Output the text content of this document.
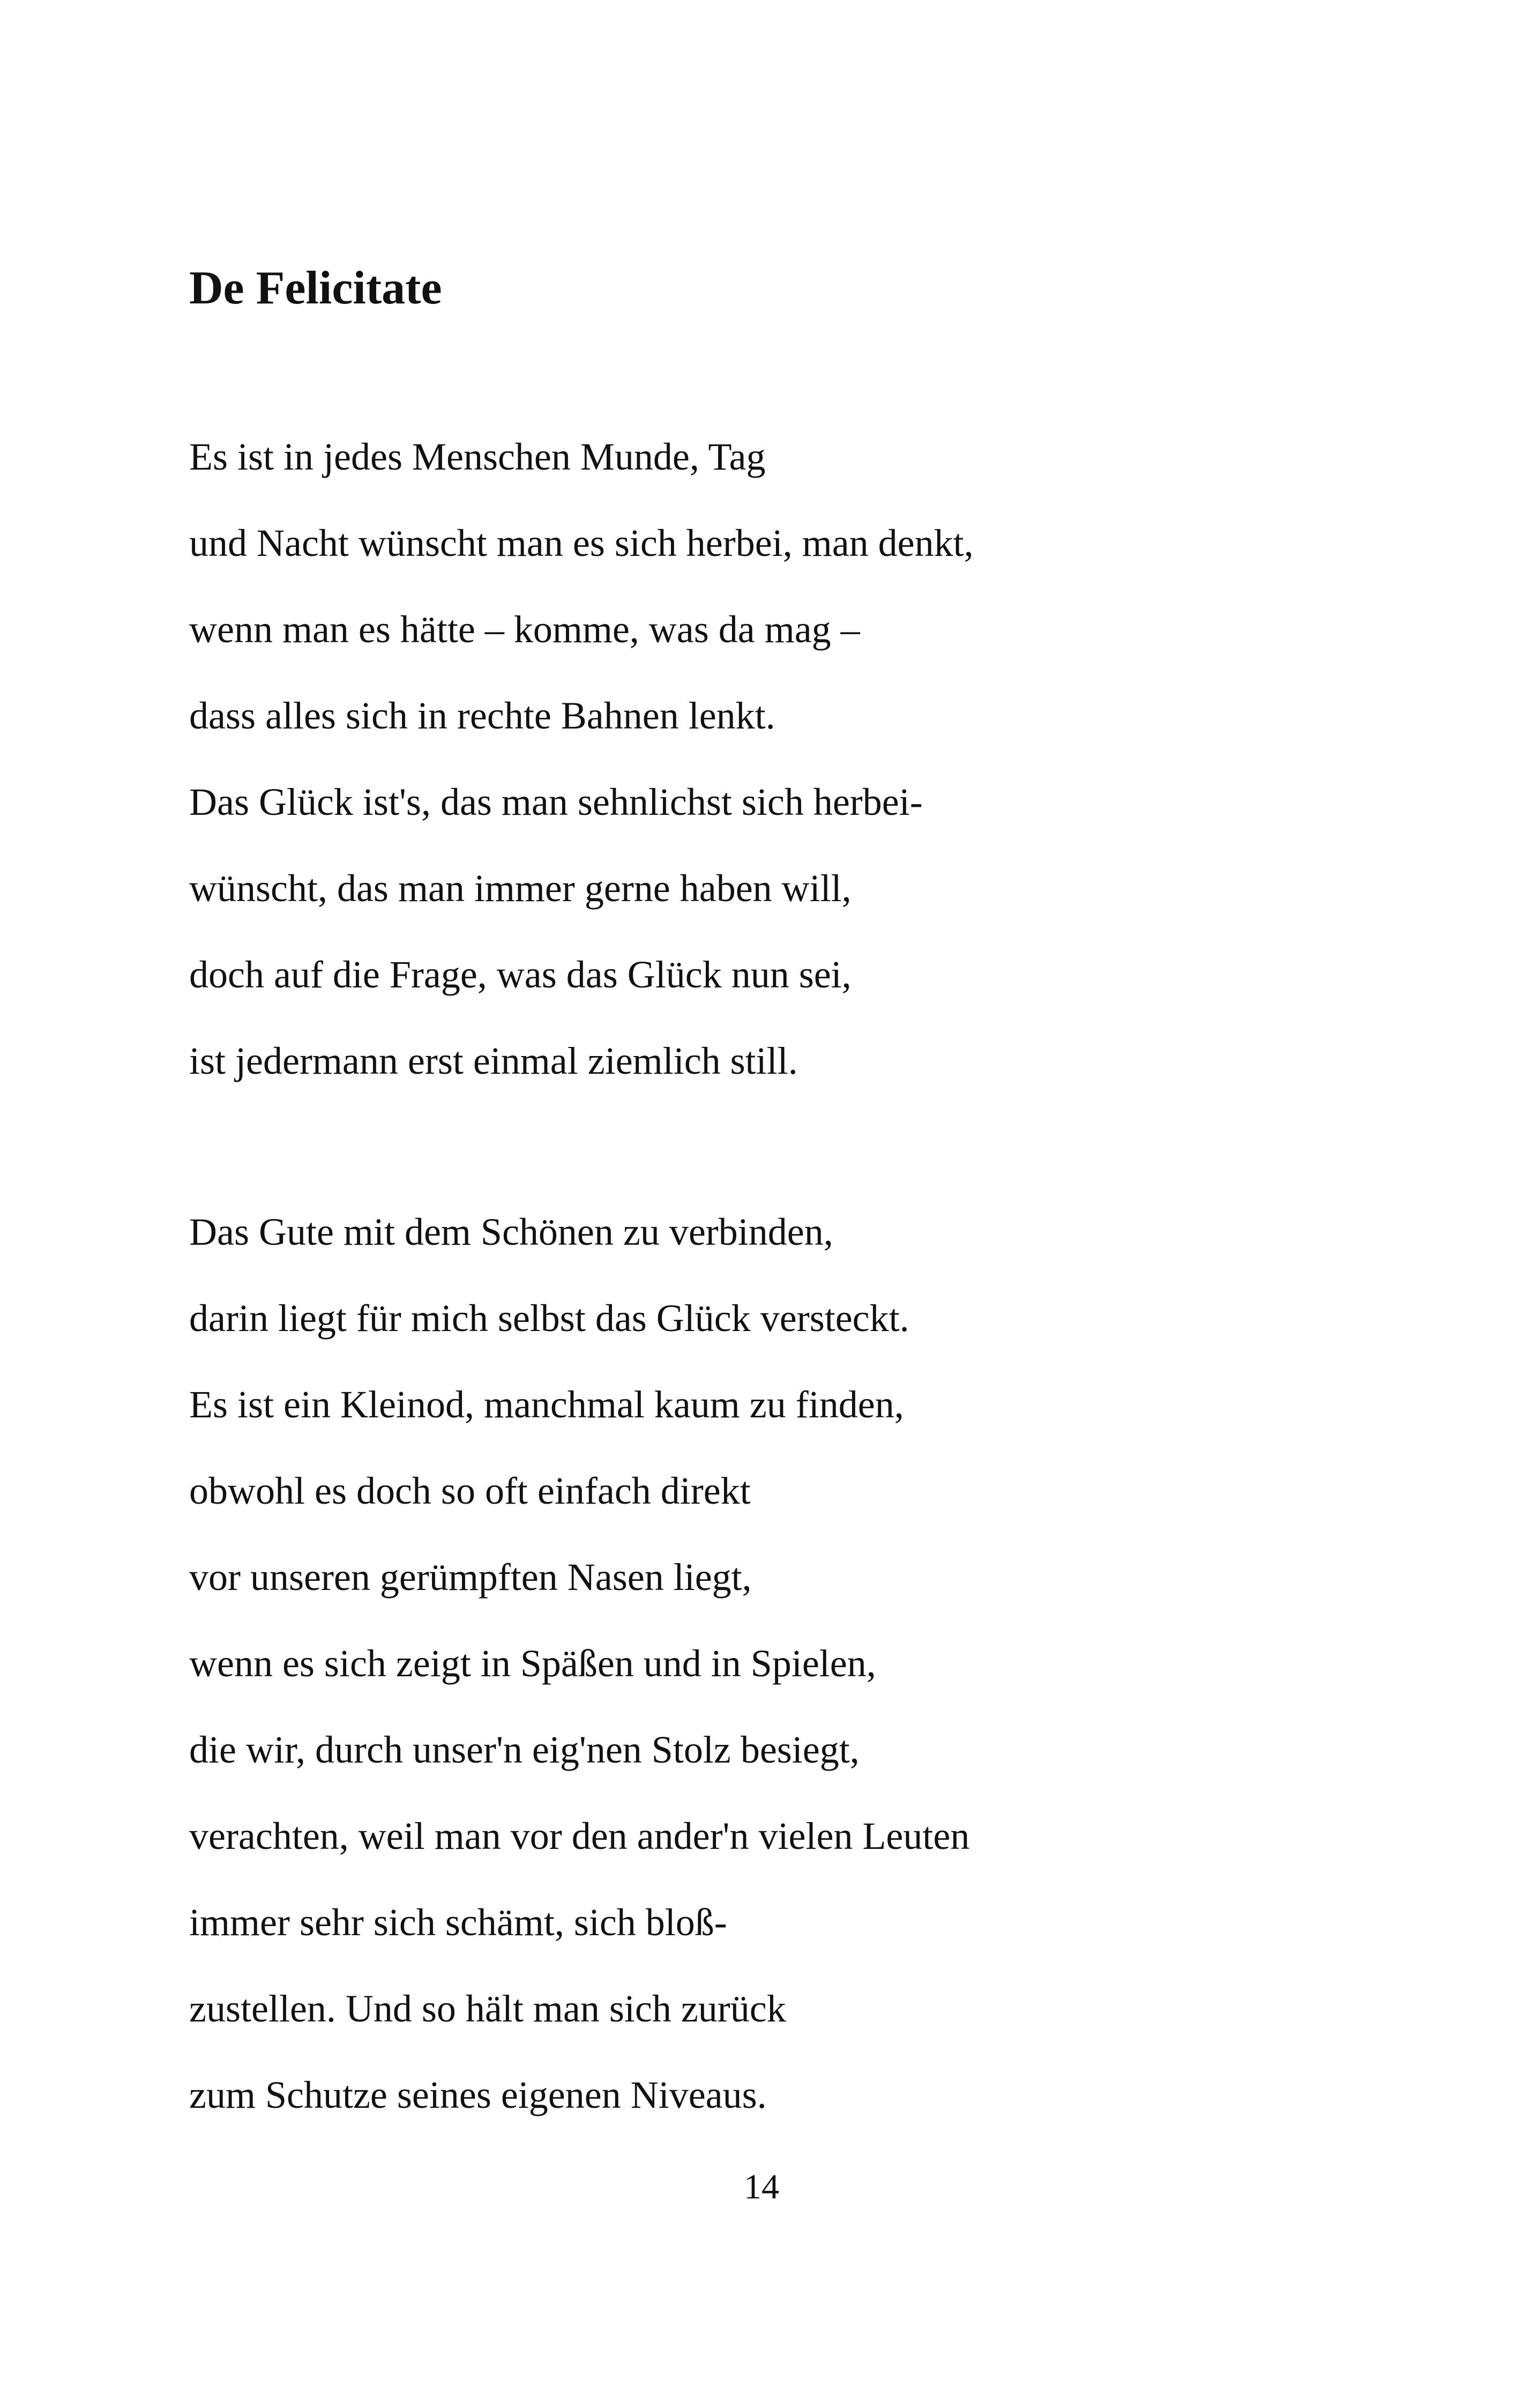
De Felicitate
Es ist in jedes Menschen Munde, Tag
und Nacht wünscht man es sich herbei, man denkt,
wenn man es hätte – komme, was da mag –
dass alles sich in rechte Bahnen lenkt.
Das Glück ist's, das man sehnlichst sich herbei-
wünscht, das man immer gerne haben will,
doch auf die Frage, was das Glück nun sei,
ist jedermann erst einmal ziemlich still.
Das Gute mit dem Schönen zu verbinden,
darin liegt für mich selbst das Glück versteckt.
Es ist ein Kleinod, manchmal kaum zu finden,
obwohl es doch so oft einfach direkt
vor unseren gerümpften Nasen liegt,
wenn es sich zeigt in Späßen und in Spielen,
die wir, durch unser'n eig'nen Stolz besiegt,
verachten, weil man vor den ander'n vielen Leuten
immer sehr sich schämt, sich bloß-
zustellen. Und so hält man sich zurück
zum Schutze seines eigenen Niveaus.
14
